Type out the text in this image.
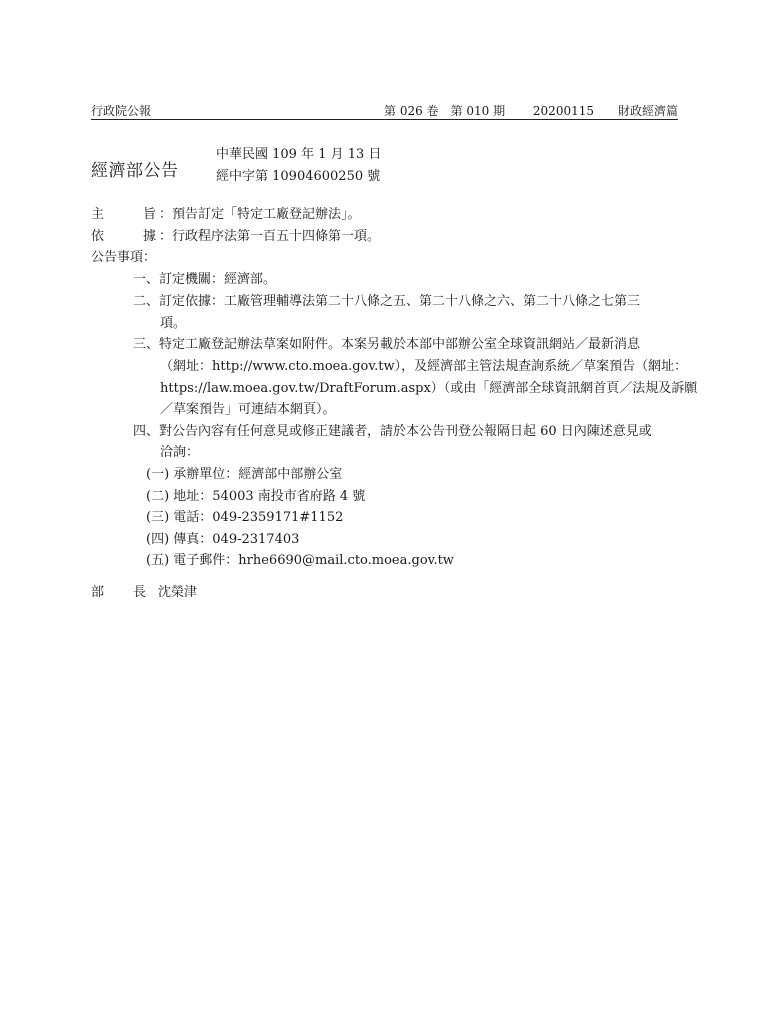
行政院公報	第 026 卷　第 010 期　　 20200115　　財政經濟篇
經濟部公告
中華民國 109 年 1 月 13 日
經中字第 10904600250 號
主	旨 ：預告訂定「特定工廠登記辦法」。
依	據 ：行政程序法第一百五十四條第一項。
公告事項：
一、訂定機關：經濟部。
二、訂定依據：工廠管理輔導法第二十八條之五、第二十八條之六、第二十八條之七第三
項。
三、特定工廠登記辦法草案如附件。本案另載於本部中部辦公室全球資訊網站／最新消息
（網址：http://www.cto.moea.gov.tw），及經濟部主管法規查詢系統／草案預告（網址：
https://law.moea.gov.tw/DraftForum.aspx）（或由「經濟部全球資訊網首頁／法規及訴願
／草案預告」可連結本網頁）。
四、對公告內容有任何意見或修正建議者，請於本公告刊登公報隔日起 60 日內陳述意見或
洽詢：
(一) 承辦單位：經濟部中部辦公室
(二) 地址：54003 南投市省府路 4 號
(三) 電話：049-2359171#1152
(四) 傳真：049-2317403
(五) 電子郵件：hrhe6690@mail.cto.moea.gov.tw
部 長 沈榮津
